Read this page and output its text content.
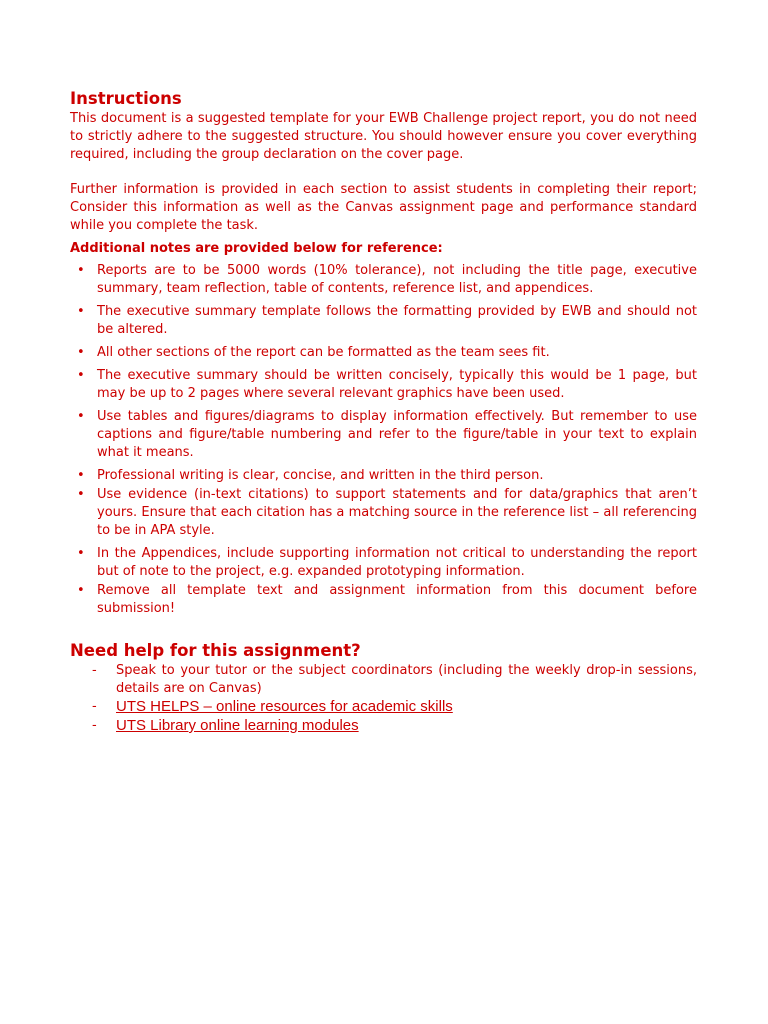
Instructions

This document is a suggested template for your EWB Challenge project report, you do not need to strictly adhere to the suggested structure. You should however ensure you cover everything required, including the group declaration on the cover page.

Further information is provided in each section to assist students in completing their report; Consider this information as well as the Canvas assignment page and performance standard while you complete the task.

Additional notes are provided below for reference:
• Reports are to be 5000 words (10% tolerance), not including the title page, executive summary, team reflection, table of contents, reference list, and appendices.
• The executive summary template follows the formatting provided by EWB and should not be altered.
• All other sections of the report can be formatted as the team sees fit.
• The executive summary should be written concisely, typically this would be 1 page, but may be up to 2 pages where several relevant graphics have been used.
• Use tables and figures/diagrams to display information effectively. But remember to use captions and figure/table numbering and refer to the figure/table in your text to explain what it means.
• Professional writing is clear, concise, and written in the third person.
• Use evidence (in-text citations) to support statements and for data/graphics that aren’t yours. Ensure that each citation has a matching source in the reference list – all referencing to be in APA style.
• In the Appendices, include supporting information not critical to understanding the report but of note to the project, e.g. expanded prototyping information.
• Remove all template text and assignment information from this document before submission!
Need help for this assignment?
- Speak to your tutor or the subject coordinators (including the weekly drop-in sessions, details are on Canvas)
- UTS HELPS – online resources for academic skills
- UTS Library online learning modules
